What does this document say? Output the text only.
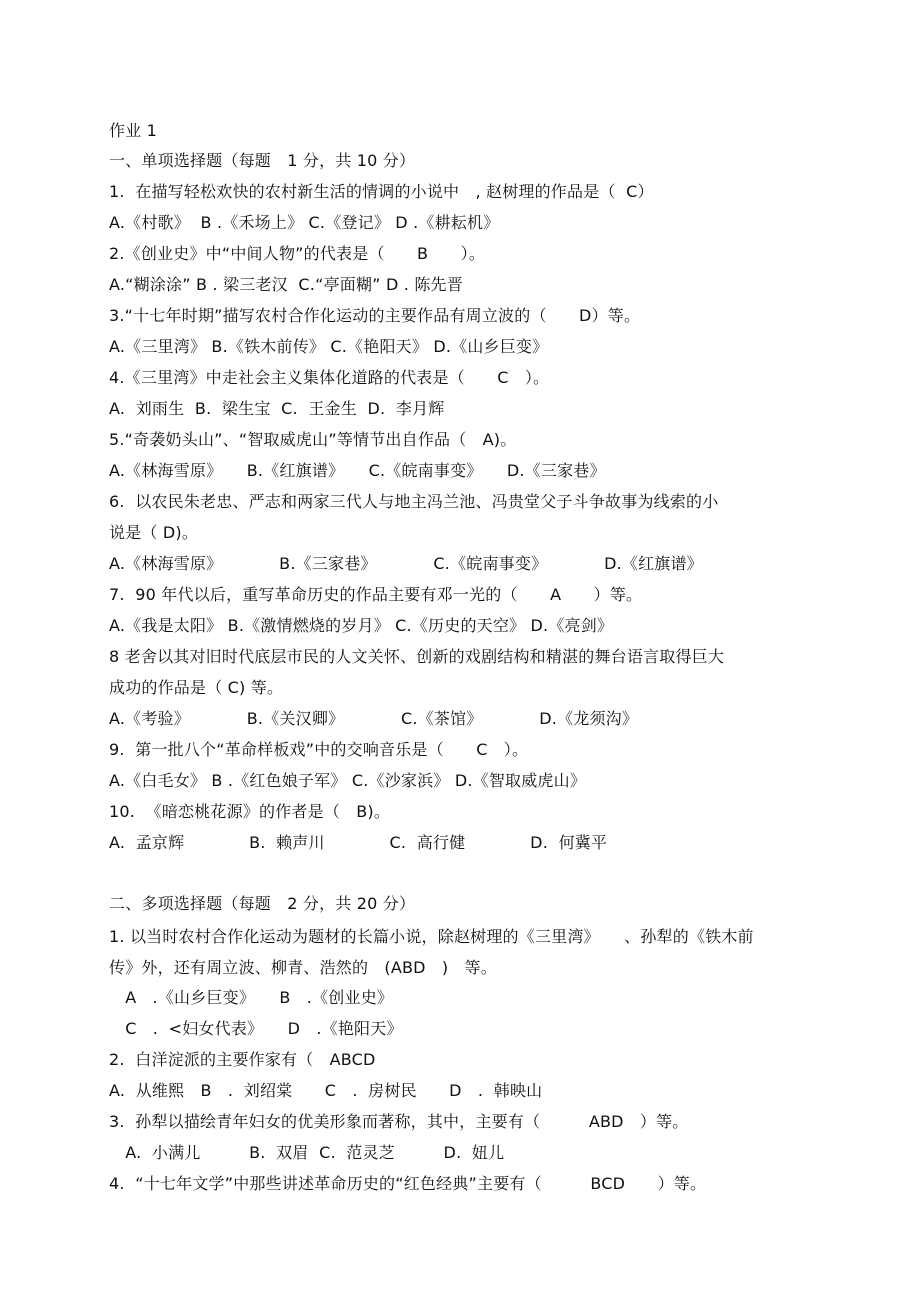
作业 1
一、单项选择题（每题　1 分，共 10 分）
1.  在描写轻松欢快的农村新生活的情调的小说中　, 赵树理的作品是（  C）
A.《村歌》  B .《禾场上》 C.《登记》 D .《耕耘机》
2.《创业史》中“中间人物”的代表是（　　B　　）。
A.“糊涂涂” B . 梁三老汉  C.“亭面糊” D . 陈先晋
3.“十七年时期”描写农村合作化运动的主要作品有周立波的（　　D）等。
A.《三里湾》 B.《铁木前传》 C.《艳阳天》 D.《山乡巨变》
4.《三里湾》中走社会主义集体化道路的代表是（　　C　）。
A.  刘雨生  B.  梁生宝  C.  王金生  D.  李月辉
5.“奇袭奶头山”、“智取威虎山”等情节出自作品（　A)。
A.《林海雪原》　　B.《红旗谱》　　C.《皖南事变》　　D.《三家巷》
6.  以农民朱老忠、严志和两家三代人与地主冯兰池、冯贵堂父子斗争故事为线索的小
说是（ D)。
A.《林海雪原》　　　　B.《三家巷》　　　　C.《皖南事变》　　　　D.《红旗谱》
7.  90 年代以后，重写革命历史的作品主要有邓一光的（　　A　　）等。
A.《我是太阳》 B.《激情燃烧的岁月》 C.《历史的天空》 D.《亮剑》
8 老舍以其对旧时代底层市民的人文关怀、创新的戏剧结构和精湛的舞台语言取得巨大
成功的作品是（ C) 等。
A.《考验》　　　　B.《关汉卿》　　　　C.《茶馆》　　　　D.《龙须沟》
9.  第一批八个“革命样板戏”中的交响音乐是（　　C　）。
A.《白毛女》 B .《红色娘子军》 C.《沙家浜》 D.《智取威虎山》
10.  《暗恋桃花源》的作者是（　B)。
A.  孟京辉　　　　B.  赖声川　　　　C.  高行健　　　　D.  何冀平
二、多项选择题（每题　2 分，共 20 分）
1. 以当时农村合作化运动为题材的长篇小说，除赵树理的《三里湾》　　、孙犁的《铁木前
传》外，还有周立波、柳青、浩然的　(ABD　)　等。
　A　.《山乡巨变》　　B　.《创业史》
　C　.  <妇女代表》　　D　.《艳阳天》
2.  白洋淀派的主要作家有（　ABCD
A.  从维熙　B　.  刘绍棠　　C　.  房树民　　D　.  韩映山
3.  孙犁以描绘青年妇女的优美形象而著称，其中，主要有（　　　ABD　）等。
　A.  小满儿　　　B.  双眉  C.  范灵芝　　　D.  妞儿
4.  “十七年文学”中那些讲述革命历史的“红色经典”主要有（　　　BCD　　）等。
